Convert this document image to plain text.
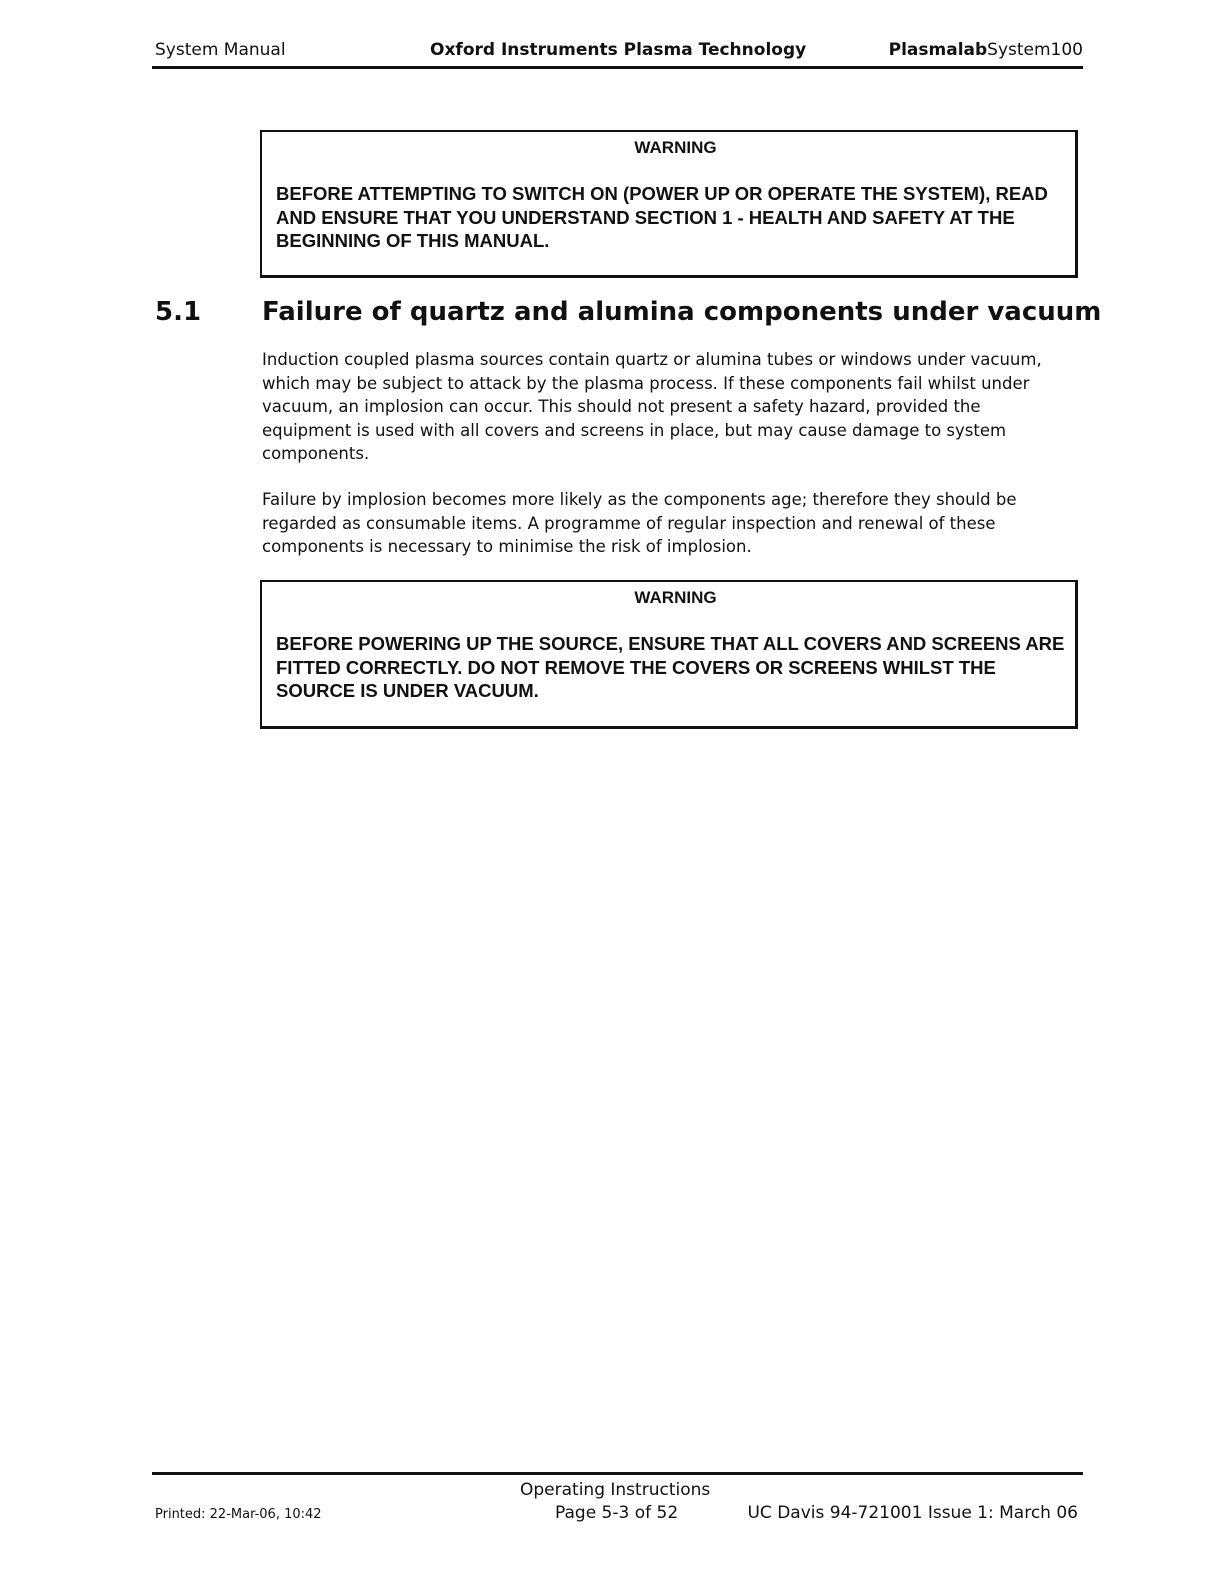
System Manual	Oxford Instruments Plasma Technology	PlasmalabSystem100
WARNING
BEFORE ATTEMPTING TO SWITCH ON (POWER UP OR OPERATE THE SYSTEM), READ AND ENSURE THAT YOU UNDERSTAND SECTION 1 - HEALTH AND SAFETY AT THE BEGINNING OF THIS MANUAL.
5.1 Failure of quartz and alumina components under vacuum
Induction coupled plasma sources contain quartz or alumina tubes or windows under vacuum, which may be subject to attack by the plasma process. If these components fail whilst under vacuum, an implosion can occur. This should not present a safety hazard, provided the equipment is used with all covers and screens in place, but may cause damage to system components.
Failure by implosion becomes more likely as the components age; therefore they should be regarded as consumable items. A programme of regular inspection and renewal of these components is necessary to minimise the risk of implosion.
WARNING
BEFORE POWERING UP THE SOURCE, ENSURE THAT ALL COVERS AND SCREENS ARE FITTED CORRECTLY. DO NOT REMOVE THE COVERS OR SCREENS WHILST THE SOURCE IS UNDER VACUUM.
Operating Instructions
Printed: 22-Mar-06, 10:42	Page 5-3 of 52	UC Davis 94-721001 Issue 1: March 06
